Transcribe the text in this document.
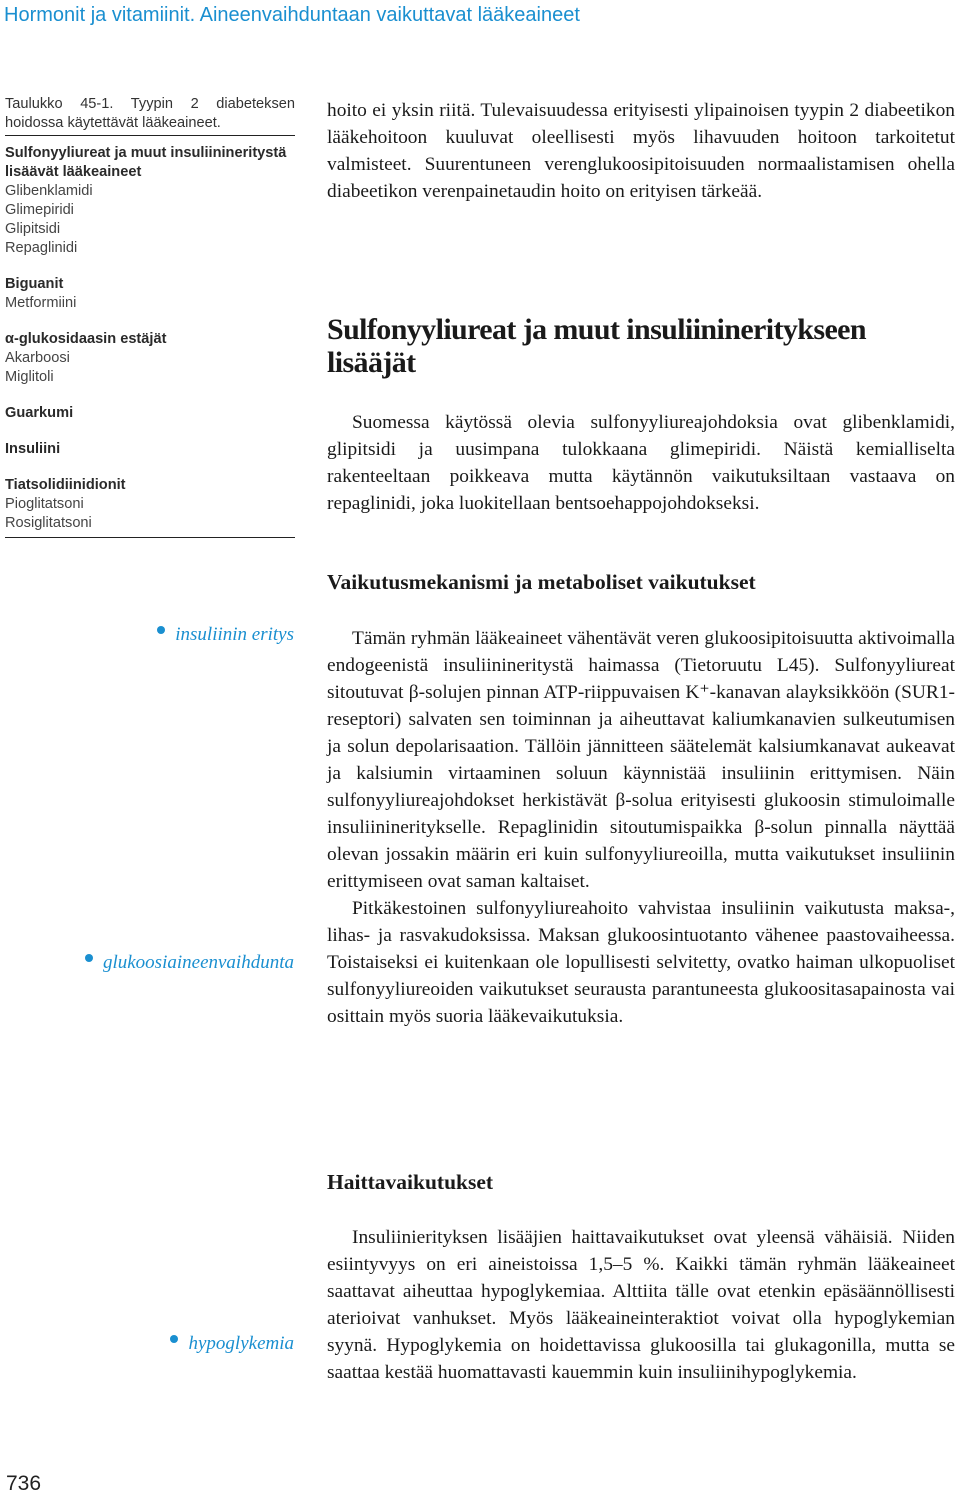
Hormonit ja vitamiinit. Aineenvaihduntaan vaikuttavat lääkeaineet
Taulukko 45-1. Tyypin 2 diabeteksen hoidossa käytettävät lääkeaineet.
Sulfonyyliureat ja muut insuliinineritystä lisäävät lääkeaineet
Glibenklamidi
Glimepiridi
Glipitsidi
Repaglinidi
Biguanit
Metformiini
α-glukosidaasin estäjät
Akarboosi
Miglitoli
Guarkumi
Insuliini
Tiatsolidiinidionit
Pioglitatsoni
Rosiglitatsoni

hoito ei yksin riitä. Tulevaisuudessa erityisesti ylipainoisen tyypin 2 diabeetikon lääkehoitoon kuuluvat oleellisesti myös lihavuuden hoitoon tarkoitetut valmisteet. Suurentuneen verenglukoosipitoisuuden normaalistamisen ohella diabeetikon verenpainetaudin hoito on erityisen tärkeää.

Sulfonyyliureat ja muut insuliinineritykseen lisääjät

Suomessa käytössä olevia sulfonyyliureajohdoksia ovat glibenklamidi, glipitsidi ja uusimpana tulokkaana glimepiridi. Näistä kemialliselta rakenteeltaan poikkeava mutta käytännön vaikutuksiltaan vastaava on repaglinidi, joka luokitellaan bentsoehappojohdokseksi.

Vaikutusmekanismi ja metaboliset vaikutukset

Tämän ryhmän lääkeaineet vähentävät veren glukoosipitoisuutta aktivoimalla endogeenistä insuliinineritystä haimassa (Tietoruutu L45). Sulfonyyliureat sitoutuvat β-solujen pinnan ATP-riippuvaisen K⁺-kanavan alayksikköön (SUR1-reseptori) salvaten sen toiminnan ja aiheuttavat kaliumkanavien sulkeutumisen ja solun depolarisaation. Tällöin jännitteen säätelemät kalsiumkanavat aukeavat ja kalsiumin virtaaminen soluun käynnistää insuliinin erittymisen. Näin sulfonyyliureajohdokset herkistävät β-solua erityisesti glukoosin stimuloimalle insuliinineritykselle. Repaglinidin sitoutumispaikka β-solun pinnalla näyttää olevan jossakin määrin eri kuin sulfonyyliureoilla, mutta vaikutukset insuliinin erittymiseen ovat saman kaltaiset.

Pitkäkestoinen sulfonyyliureahoito vahvistaa insuliinin vaikutusta maksa-, lihas- ja rasvakudoksissa. Maksan glukoosintuotanto vähenee paastovaiheessa. Toistaiseksi ei kuitenkaan ole lopullisesti selvitetty, ovatko haiman ulkopuoliset sulfonyyliureoiden vaikutukset seurausta parantuneesta glukoositasapainosta vai osittain myös suoria lääkevaikutuksia.

Haittavaikutukset

Insuliinierityksen lisääjien haittavaikutukset ovat yleensä vähäisiä. Niiden esiintyvyys on eri aineistoissa 1,5–5 %. Kaikki tämän ryhmän lääkeaineet saattavat aiheuttaa hypoglykemiaa. Alttiita tälle ovat etenkin epäsäännöllisesti aterioivat vanhukset. Myös lääkeaineinteraktiot voivat olla hypoglykemian syynä. Hypoglykemia on hoidettavissa glukoosilla tai glukagonilla, mutta se saattaa kestää huomattavasti kauemmin kuin insuliinihypoglykemia.

insuliinin eritys
glukoosiaineenvaihdunta
hypoglykemia
736
